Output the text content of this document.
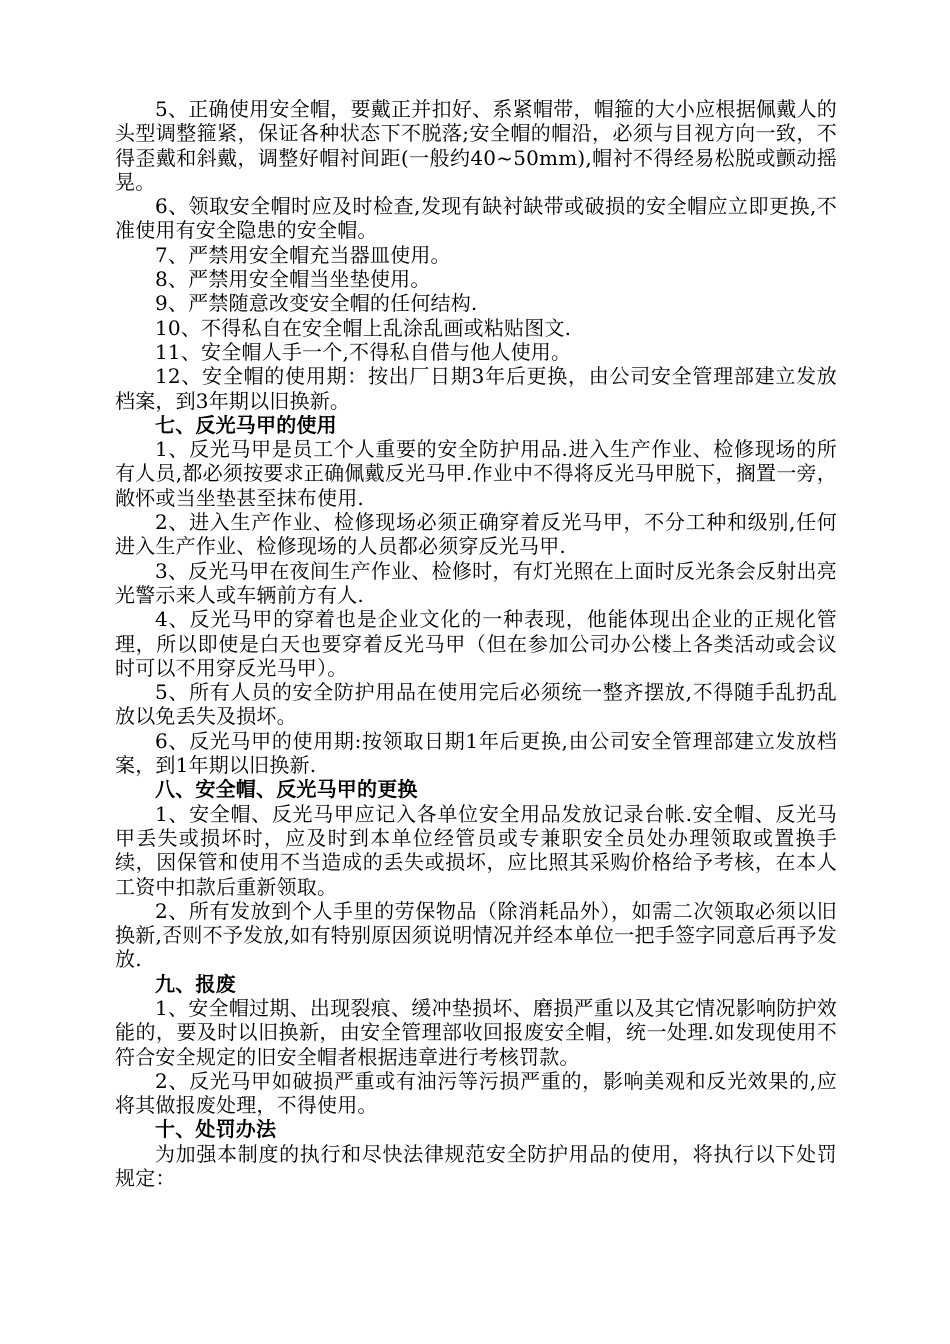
5、正确使用安全帽，要戴正并扣好、系紧帽带，帽箍的大小应根据佩戴人的头型调整箍紧，保证各种状态下不脱落;安全帽的帽沿，必须与目视方向一致，不得歪戴和斜戴，调整好帽衬间距(一般约40~50mm),帽衬不得经易松脱或颤动摇晃。

6、领取安全帽时应及时检查,发现有缺衬缺带或破损的安全帽应立即更换,不准使用有安全隐患的安全帽。

7、严禁用安全帽充当器皿使用。

8、严禁用安全帽当坐垫使用。

9、严禁随意改变安全帽的任何结构.

10、不得私自在安全帽上乱涂乱画或粘贴图文.

11、安全帽人手一个,不得私自借与他人使用。

12、安全帽的使用期：按出厂日期3年后更换，由公司安全管理部建立发放档案，到3年期以旧换新。

七、反光马甲的使用

1、反光马甲是员工个人重要的安全防护用品.进入生产作业、检修现场的所有人员,都必须按要求正确佩戴反光马甲.作业中不得将反光马甲脱下，搁置一旁，敞怀或当坐垫甚至抹布使用.

2、进入生产作业、检修现场必须正确穿着反光马甲，不分工种和级别,任何进入生产作业、检修现场的人员都必须穿反光马甲.

3、反光马甲在夜间生产作业、检修时，有灯光照在上面时反光条会反射出亮光警示来人或车辆前方有人.

4、反光马甲的穿着也是企业文化的一种表现，他能体现出企业的正规化管理，所以即使是白天也要穿着反光马甲（但在参加公司办公楼上各类活动或会议时可以不用穿反光马甲）。

5、所有人员的安全防护用品在使用完后必须统一整齐摆放,不得随手乱扔乱放以免丢失及损坏。

6、反光马甲的使用期:按领取日期1年后更换,由公司安全管理部建立发放档案，到1年期以旧换新.

八、安全帽、反光马甲的更换

1、安全帽、反光马甲应记入各单位安全用品发放记录台帐.安全帽、反光马甲丢失或损坏时，应及时到本单位经管员或专兼职安全员处办理领取或置换手续，因保管和使用不当造成的丢失或损坏，应比照其采购价格给予考核，在本人工资中扣款后重新领取。

2、所有发放到个人手里的劳保物品（除消耗品外），如需二次领取必须以旧换新,否则不予发放,如有特别原因须说明情况并经本单位一把手签字同意后再予发放.

九、报废

1、安全帽过期、出现裂痕、缓冲垫损坏、磨损严重以及其它情况影响防护效能的，要及时以旧换新，由安全管理部收回报废安全帽，统一处理.如发现使用不符合安全规定的旧安全帽者根据违章进行考核罚款。

2、反光马甲如破损严重或有油污等污损严重的，影响美观和反光效果的,应将其做报废处理，不得使用。

十、处罚办法

为加强本制度的执行和尽快法律规范安全防护用品的使用，将执行以下处罚规定：
